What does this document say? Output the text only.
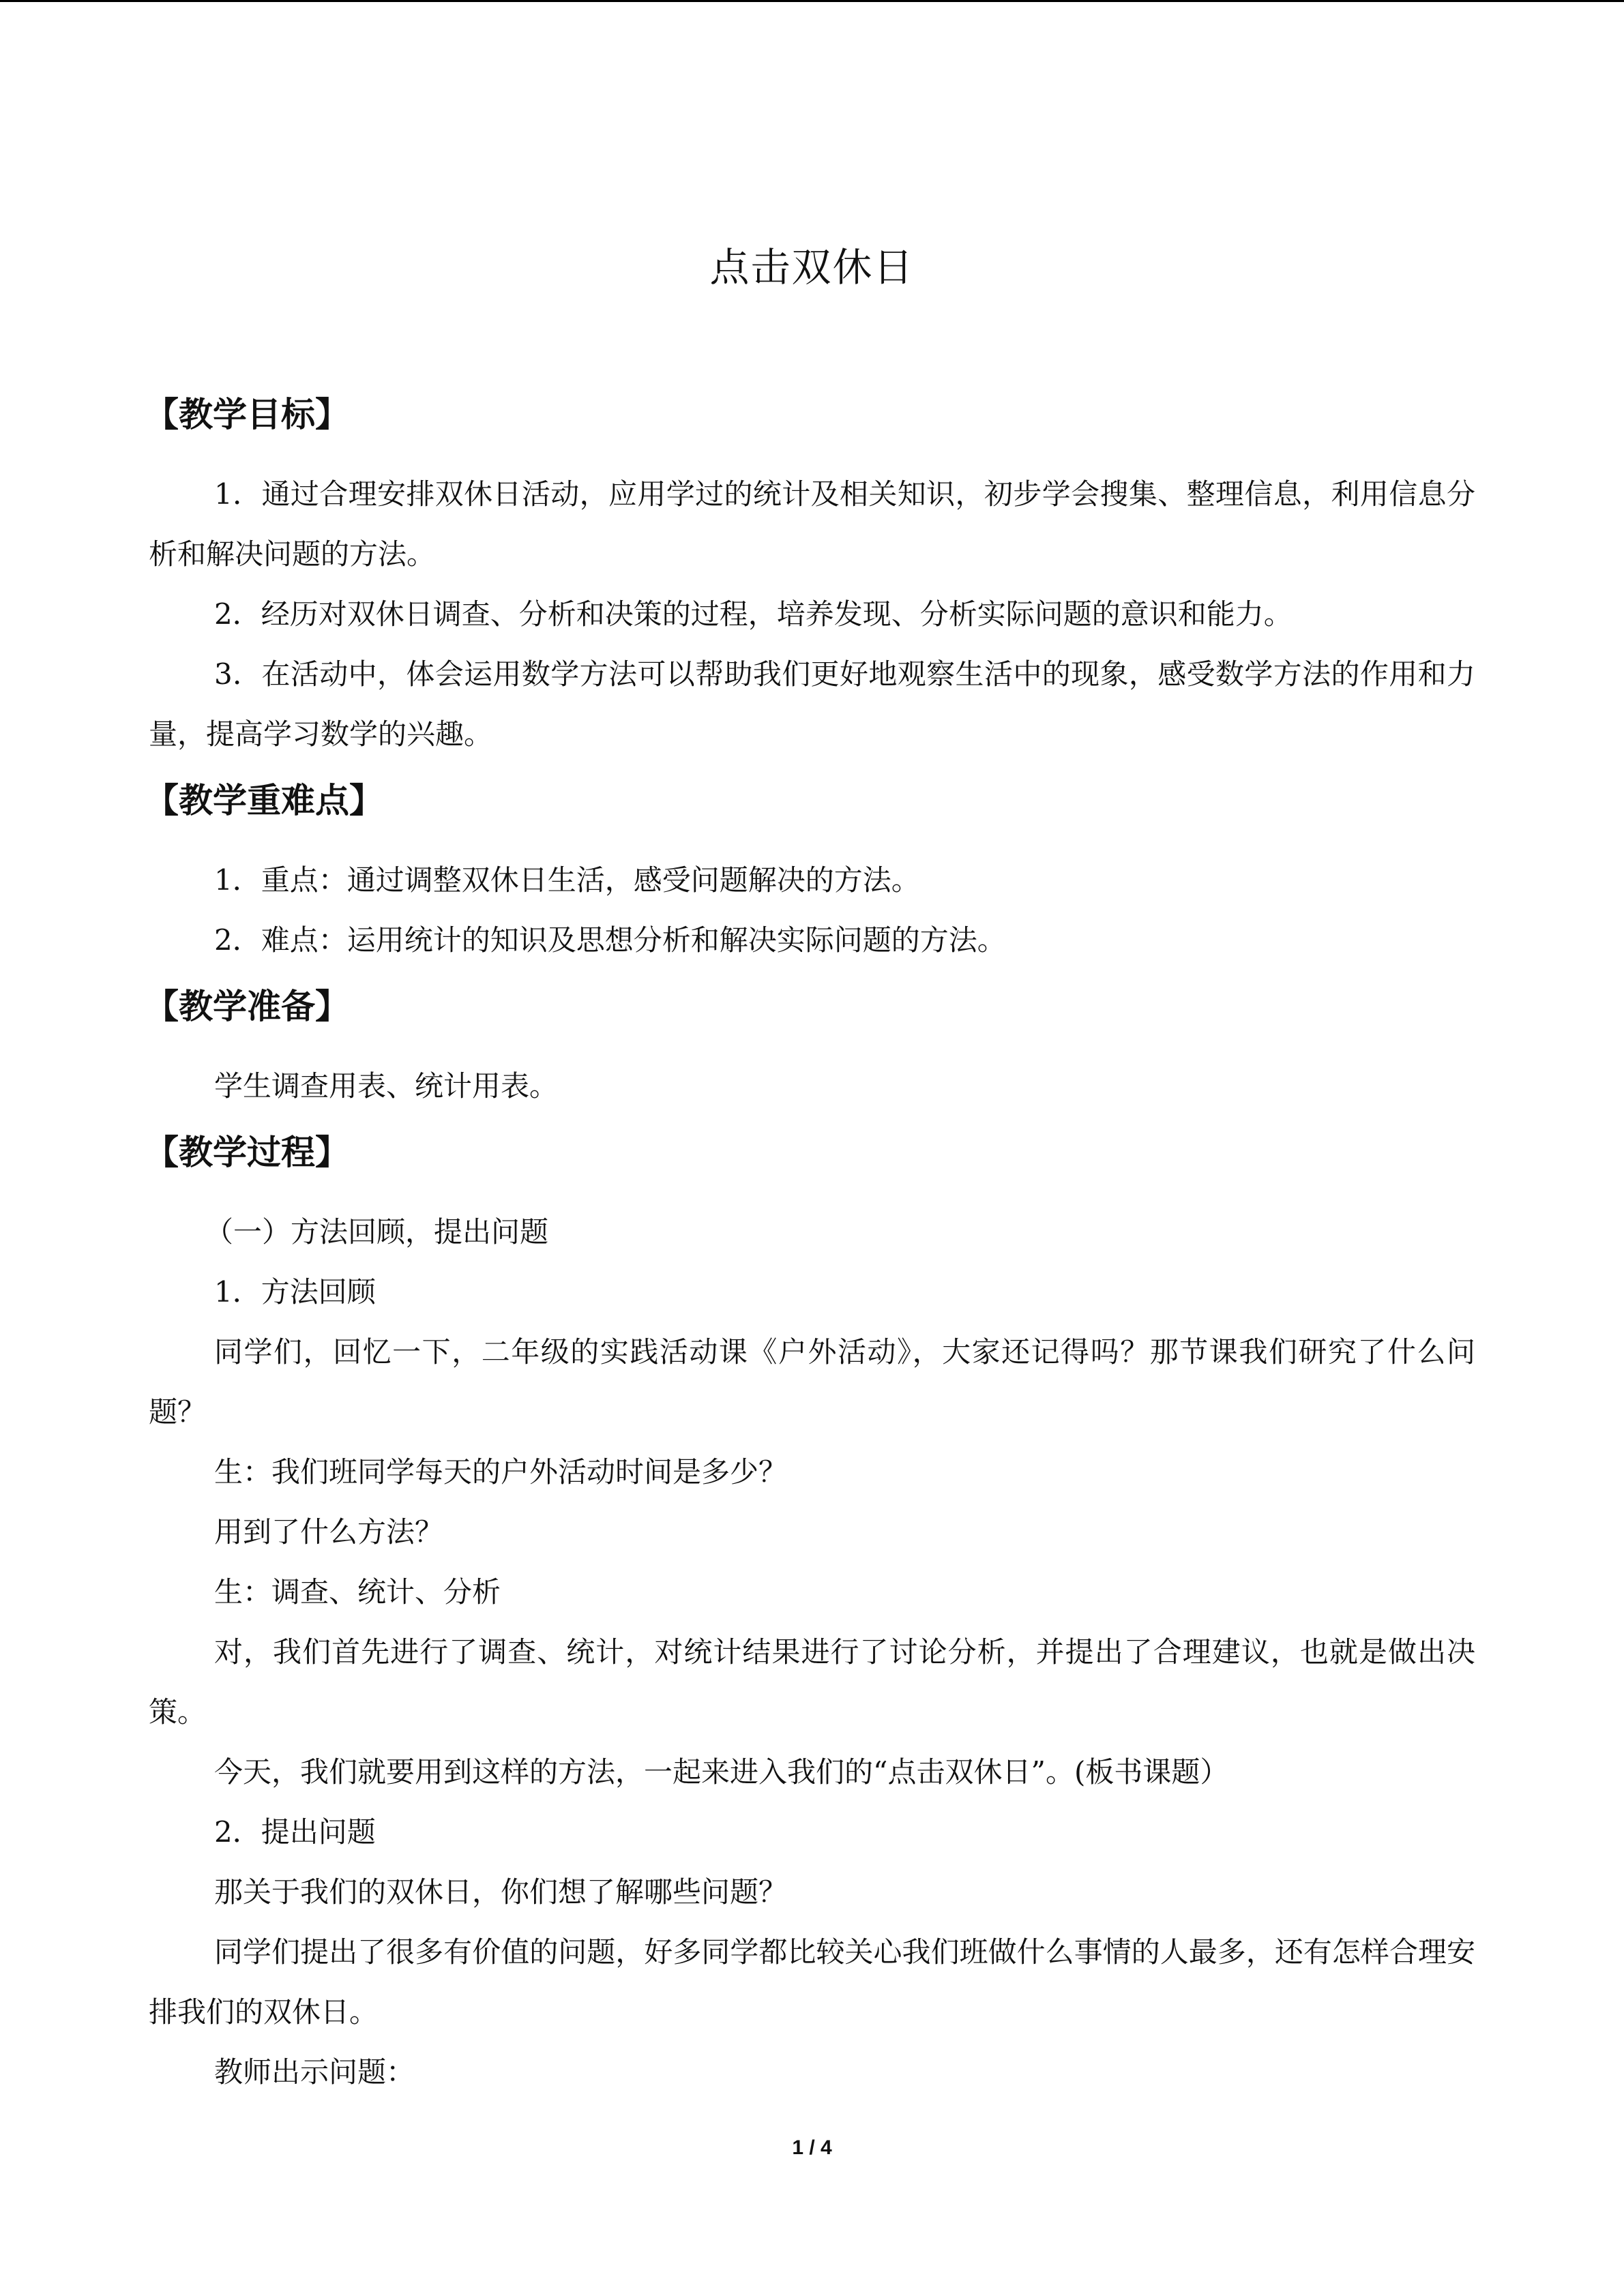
点击双休日
【教学目标】

1．通过合理安排双休日活动，应用学过的统计及相关知识，初步学会搜集、整理信息，利用信息分析和解决问题的方法。

2．经历对双休日调查、分析和决策的过程，培养发现、分析实际问题的意识和能力。

3．在活动中，体会运用数学方法可以帮助我们更好地观察生活中的现象，感受数学方法的作用和力量，提高学习数学的兴趣。

【教学重难点】

1．重点：通过调整双休日生活，感受问题解决的方法。

2．难点：运用统计的知识及思想分析和解决实际问题的方法。

【教学准备】

学生调查用表、统计用表。

【教学过程】
（一）方法回顾，提出问题

1．方法回顾

同学们，回忆一下，二年级的实践活动课《户外活动》，大家还记得吗？那节课我们研究了什么问题？

生：我们班同学每天的户外活动时间是多少？

用到了什么方法？

生：调查、统计、分析

对，我们首先进行了调查、统计，对统计结果进行了讨论分析，并提出了合理建议，也就是做出决策。

今天，我们就要用到这样的方法，一起来进入我们的“点击双休日”。(板书课题）

2．提出问题

那关于我们的双休日，你们想了解哪些问题？

同学们提出了很多有价值的问题，好多同学都比较关心我们班做什么事情的人最多，还有怎样合理安排我们的双休日。

教师出示问题：

1 / 4
